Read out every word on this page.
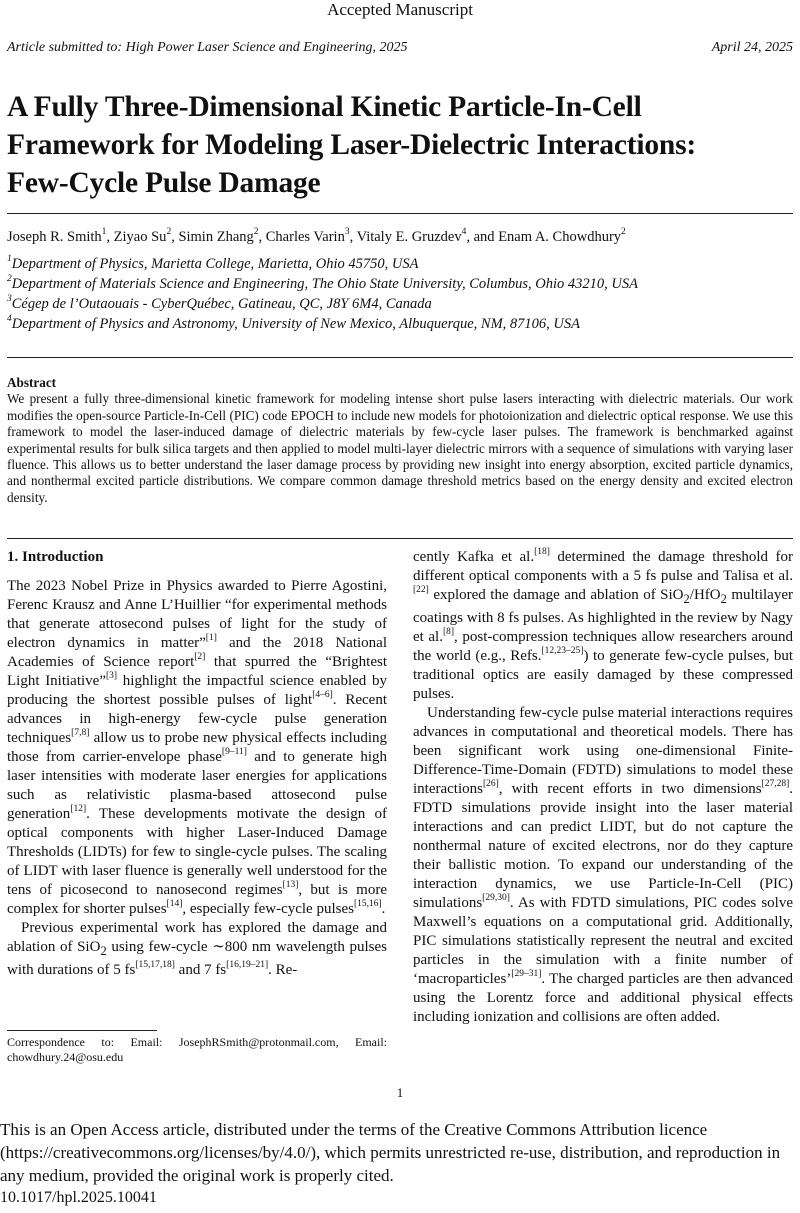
Accepted Manuscript
Article submitted to: High Power Laser Science and Engineering, 2025	April 24, 2025
A Fully Three-Dimensional Kinetic Particle-In-Cell
Framework for Modeling Laser-Dielectric Interactions:
Few-Cycle Pulse Damage
Joseph R. Smith$^1$, Ziyao Su$^2$, Simin Zhang$^2$, Charles Varin$^3$, Vitaly E. Gruzdev$^4$, and Enam A. Chowdhury$^2$
$^1$Department of Physics, Marietta College, Marietta, Ohio 45750, USA
$^2$Department of Materials Science and Engineering, The Ohio State University, Columbus, Ohio 43210, USA
$^3$Cégep de l’Outaouais - CyberQuébec, Gatineau, QC, J8Y 6M4, Canada
$^4$Department of Physics and Astronomy, University of New Mexico, Albuquerque, NM, 87106, USA
Abstract
We present a fully three-dimensional kinetic framework for modeling intense short pulse lasers interacting with dielectric materials. Our work modifies the open-source Particle-In-Cell (PIC) code EPOCH to include new models for photoionization and dielectric optical response. We use this framework to model the laser-induced damage of dielectric materials by few-cycle laser pulses. The framework is benchmarked against experimental results for bulk silica targets and then applied to model multi-layer dielectric mirrors with a sequence of simulations with varying laser fluence. This allows us to better understand the laser damage process by providing new insight into energy absorption, excited particle dynamics, and nonthermal excited particle distributions. We compare common damage threshold metrics based on the energy density and excited electron density.
1. Introduction

The 2023 Nobel Prize in Physics awarded to Pierre Agostini, Ferenc Krausz and Anne L’Huillier “for experimental methods that generate attosecond pulses of light for the study of electron dynamics in matter”[1] and the 2018 National Academies of Science report[2] that spurred the “Brightest Light Initiative”[3] highlight the impactful science enabled by producing the shortest possible pulses of light[4–6]. Recent advances in high-energy few-cycle pulse generation techniques[7,8] allow us to probe new physical effects including those from carrier-envelope phase[9–11] and to generate high laser intensities with moderate laser energies for applications such as relativistic plasma-based attosecond pulse generation[12]. These developments motivate the design of optical components with higher Laser-Induced Damage Thresholds (LIDTs) for few to single-cycle pulses. The scaling of LIDT with laser fluence is generally well understood for the tens of picosecond to nanosecond regimes[13], but is more complex for shorter pulses[14], especially few-cycle pulses[15,16].

Previous experimental work has explored the damage and ablation of SiO$_2$ using few-cycle ∼800 nm wavelength pulses with durations of 5 fs[15,17,18] and 7 fs[16,19–21]. Re-

cently Kafka et al.[18] determined the damage threshold for different optical components with a 5 fs pulse and Talisa et al.[22] explored the damage and ablation of SiO$_2$/HfO$_2$ multilayer coatings with 8 fs pulses. As highlighted in the review by Nagy et al.[8], post-compression techniques allow researchers around the world (e.g., Refs.[12,23–25]) to generate few-cycle pulses, but traditional optics are easily damaged by these compressed pulses.

Understanding few-cycle pulse material interactions requires advances in computational and theoretical models. There has been significant work using one-dimensional Finite-Difference-Time-Domain (FDTD) simulations to model these interactions[26], with recent efforts in two dimensions[27,28]. FDTD simulations provide insight into the laser material interactions and can predict LIDT, but do not capture the nonthermal nature of excited electrons, nor do they capture their ballistic motion. To expand our understanding of the interaction dynamics, we use Particle-In-Cell (PIC) simulations[29,30]. As with FDTD simulations, PIC codes solve Maxwell’s equations on a computational grid. Additionally, PIC simulations statistically represent the neutral and excited particles in the simulation with a finite number of ‘macroparticles’[29–31]. The charged particles are then advanced using the Lorentz force and additional physical effects including ionization and collisions are often added.

Correspondence to: Email: JosephRSmith@protonmail.com, Email: chowdhury.24@osu.edu
1
This is an Open Access article, distributed under the terms of the Creative Commons Attribution licence (https://creativecommons.org/licenses/by/4.0/), which permits unrestricted re-use, distribution, and reproduction in any medium, provided the original work is properly cited.
10.1017/hpl.2025.10041
